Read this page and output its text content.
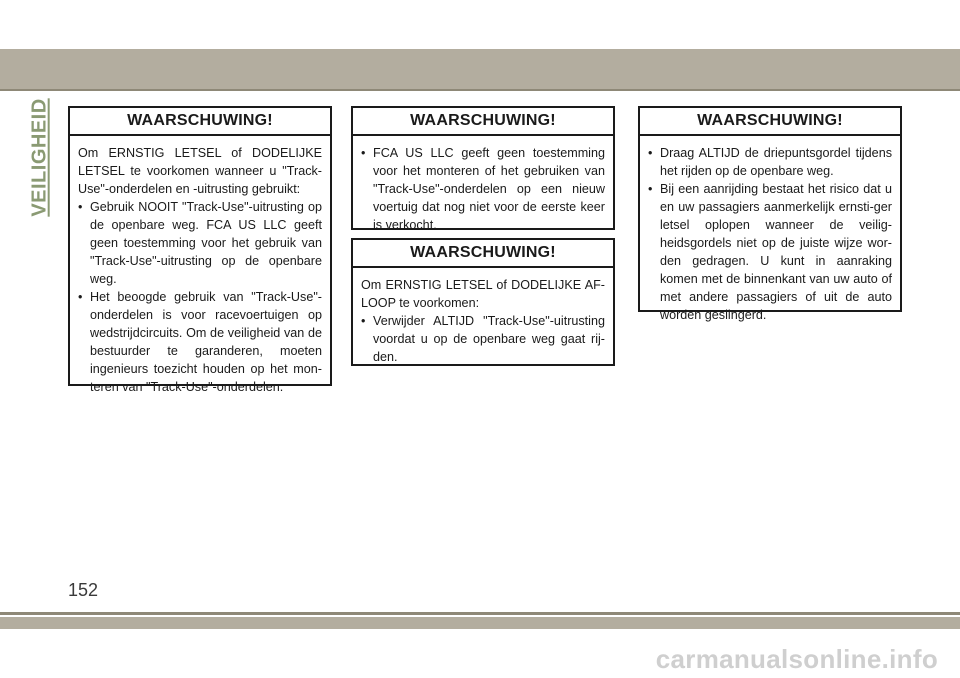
VEILIGHEID	WAARSCHUWING!

Om ERNSTIG LETSEL of DODELIJKE LETSEL te voorkomen wanneer u "Track-Use"-onderdelen en -uitrusting gebruikt:

• Gebruik NOOIT "Track-Use"-uitrusting op de openbare weg. FCA US LLC geeft geen toestemming voor het gebruik van "Track-Use"-uitrusting op de openbare weg.
• Het beoogde gebruik van "Track-Use"-onderdelen is voor racevoertuigen op wedstrijdcircuits. Om de veiligheid van de bestuurder te garanderen, moeten ingenieurs toezicht houden op het mon-teren van "Track-Use"-onderdelen.
WAARSCHUWING!
• FCA US LLC geeft geen toestemming voor het monteren of het gebruiken van "Track-Use"-onderdelen op een nieuw voertuig dat nog niet voor de eerste keer is verkocht.
WAARSCHUWING!

Om ERNSTIG LETSEL of DODELIJKE AF-LOOP te voorkomen:

• Verwijder ALTIJD "Track-Use"-uitrusting voordat u op de openbare weg gaat rij-den.
WAARSCHUWING!
• Draag ALTIJD de driepuntsgordel tijdens het rijden op de openbare weg.
• Bij een aanrijding bestaat het risico dat u en uw passagiers aanmerkelijk ernsti-ger letsel oplopen wanneer de veilig-heidsgordels niet op de juiste wijze wor-den gedragen. U kunt in aanraking komen met de binnenkant van uw auto of met andere passagiers of uit de auto worden geslingerd.
152
carmanualsonline.info
